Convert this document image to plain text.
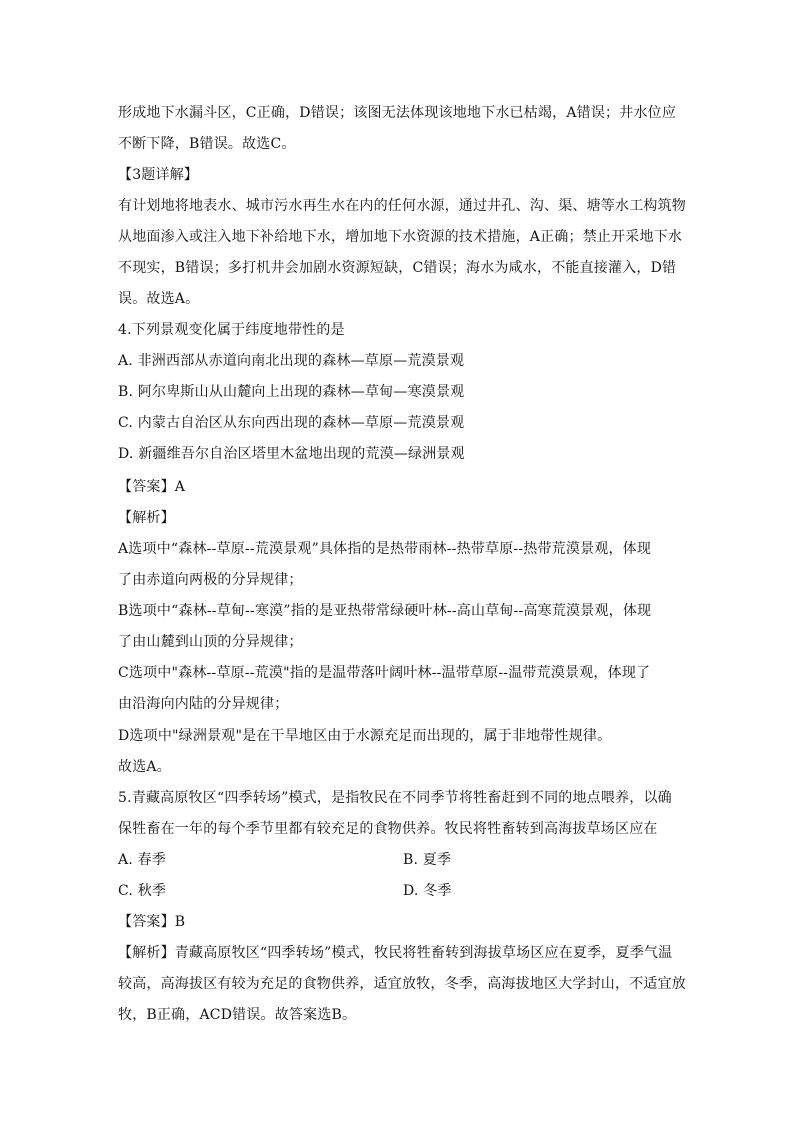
形成地下水漏斗区，C正确，D错误；该图无法体现该地地下水已枯竭，A错误；井水位应
不断下降，B错误。故选C。
【3题详解】
有计划地将地表水、城市污水再生水在内的任何水源，通过井孔、沟、渠、塘等水工构筑物
从地面渗入或注入地下补给地下水，增加地下水资源的技术措施，A正确；禁止开采地下水
不现实，B错误；多打机井会加剧水资源短缺，C错误；海水为咸水，不能直接灌入，D错
误。故选A。
4.下列景观变化属于纬度地带性的是
A. 非洲西部从赤道向南北出现的森林—草原—荒漠景观
B. 阿尔卑斯山从山麓向上出现的森林—草甸—寒漠景观
C. 内蒙古自治区从东向西出现的森林—草原—荒漠景观
D. 新疆维吾尔自治区塔里木盆地出现的荒漠—绿洲景观
【答案】A
【解析】
A选项中“森林--草原--荒漠景观”具体指的是热带雨林--热带草原--热带荒漠景观，体现
了由赤道向两极的分异规律；
B选项中“森林--草甸--寒漠”指的是亚热带常绿硬叶林--高山草甸--高寒荒漠景观，体现
了由山麓到山顶的分异规律；
C选项中"森林--草原--荒漠"指的是温带落叶阔叶林--温带草原--温带荒漠景观，体现了
由沿海向内陆的分异规律；
D选项中"绿洲景观"是在干旱地区由于水源充足而出现的，属于非地带性规律。
故选A。
5.青藏高原牧区“四季转场”模式，是指牧民在不同季节将牲畜赶到不同的地点喂养，以确
保牲畜在一年的每个季节里都有较充足的食物供养。牧民将牲畜转到高海拔草场区应在
A. 春季	B. 夏季
C. 秋季	D. 冬季
【答案】B
【解析】青藏高原牧区“四季转场”模式，牧民将牲畜转到海拔草场区应在夏季，夏季气温
较高，高海拔区有较为充足的食物供养，适宜放牧，冬季，高海拔地区大学封山，不适宜放
牧，B正确，ACD错误。故答案选B。
